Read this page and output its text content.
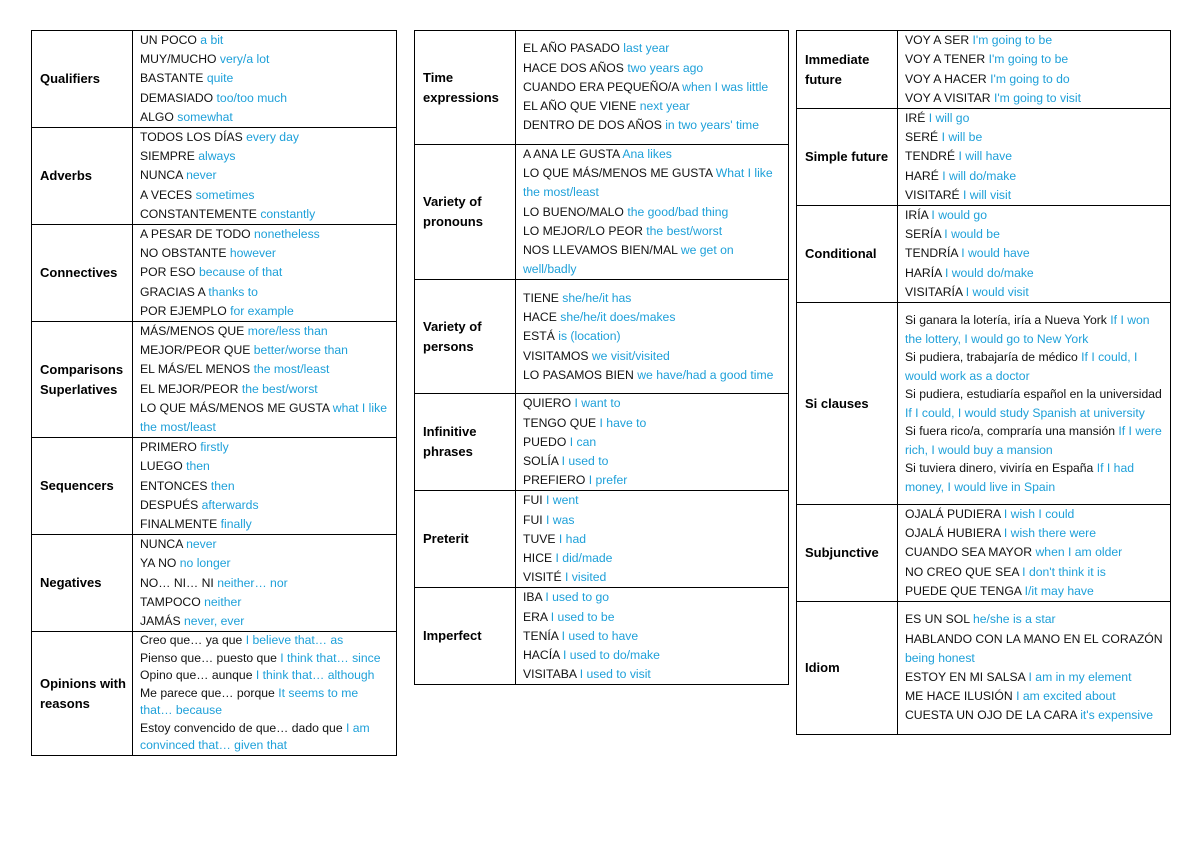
Qualifiers	UN POCO a bit
MUY/MUCHO very/a lot
BASTANTE quite
DEMASIADO too/too much
ALGO somewhat

Adverbs	TODOS LOS DÍAS every day
SIEMPRE always
NUNCA never
A VECES sometimes
CONSTANTEMENTE constantly

Connectives	A PESAR DE TODO nonetheless
NO OBSTANTE however
POR ESO because of that
GRACIAS A thanks to
POR EJEMPLO for example

Comparisons Superlatives	MÁS/MENOS QUE more/less than
MEJOR/PEOR QUE better/worse than
EL MÁS/EL MENOS the most/least
EL MEJOR/PEOR the best/worst
LO QUE MÁS/MENOS ME GUSTA what I like the most/least

Sequencers	PRIMERO firstly
LUEGO then
ENTONCES then
DESPUÉS afterwards
FINALMENTE finally

Negatives	NUNCA never
YA NO no longer
NO… NI… NI neither… nor
TAMPOCO neither
JAMÁS never, ever

Opinions with reasons	Creo que… ya que I believe that… as
Pienso que… puesto que I think that… since
Opino que… aunque I think that… although
Me parece que… porque It seems to me that… because
Estoy convencido de que… dado que I am convinced that… given that
Time expressions	EL AÑO PASADO last year
HACE DOS AÑOS two years ago
CUANDO ERA PEQUEÑO/A when I was little
EL AÑO QUE VIENE next year
DENTRO DE DOS AÑOS in two years' time

Variety of pronouns	A ANA LE GUSTA Ana likes
LO QUE MÁS/MENOS ME GUSTA What I like the most/least
LO BUENO/MALO the good/bad thing
LO MEJOR/LO PEOR the best/worst
NOS LLEVAMOS BIEN/MAL we get on well/badly

Variety of persons	TIENE she/he/it has
HACE she/he/it does/makes
ESTÁ is (location)
VISITAMOS we visit/visited
LO PASAMOS BIEN we have/had a good time

Infinitive phrases	QUIERO I want to
TENGO QUE I have to
PUEDO I can
SOLÍA I used to
PREFIERO I prefer

Preterit	FUI I went
FUI I was
TUVE I had
HICE I did/made
VISITÉ I visited

Imperfect	IBA I used to go
ERA I used to be
TENÍA I used to have
HACÍA I used to do/make
VISITABA I used to visit
Immediate future	VOY A SER I'm going to be
VOY A TENER I'm going to be
VOY A HACER I'm going to do
VOY A VISITAR I'm going to visit

Simple future	IRÉ I will go
SERÉ I will be
TENDRÉ I will have
HARÉ I will do/make
VISITARÉ I will visit

Conditional	IRÍA I would go
SERÍA I would be
TENDRÍA I would have
HARÍA I would do/make
VISITARÍA I would visit

Si clauses	Si ganara la lotería, iría a Nueva York If I won the lottery, I would go to New York
Si pudiera, trabajaría de médico If I could, I would work as a doctor
Si pudiera, estudiaría español en la universidad If I could, I would study Spanish at university
Si fuera rico/a, compraría una mansión If I were rich, I would buy a mansion
Si tuviera dinero, viviría en España If I had money, I would live in Spain

Subjunctive	OJALÁ PUDIERA I wish I could
OJALÁ HUBIERA I wish there were
CUANDO SEA MAYOR when I am older
NO CREO QUE SEA I don't think it is
PUEDE QUE TENGA I/it may have

Idiom	ES UN SOL he/she is a star
HABLANDO CON LA MANO EN EL CORAZÓN being honest
ESTOY EN MI SALSA I am in my element
ME HACE ILUSIÓN I am excited about
CUESTA UN OJO DE LA CARA it's expensive
